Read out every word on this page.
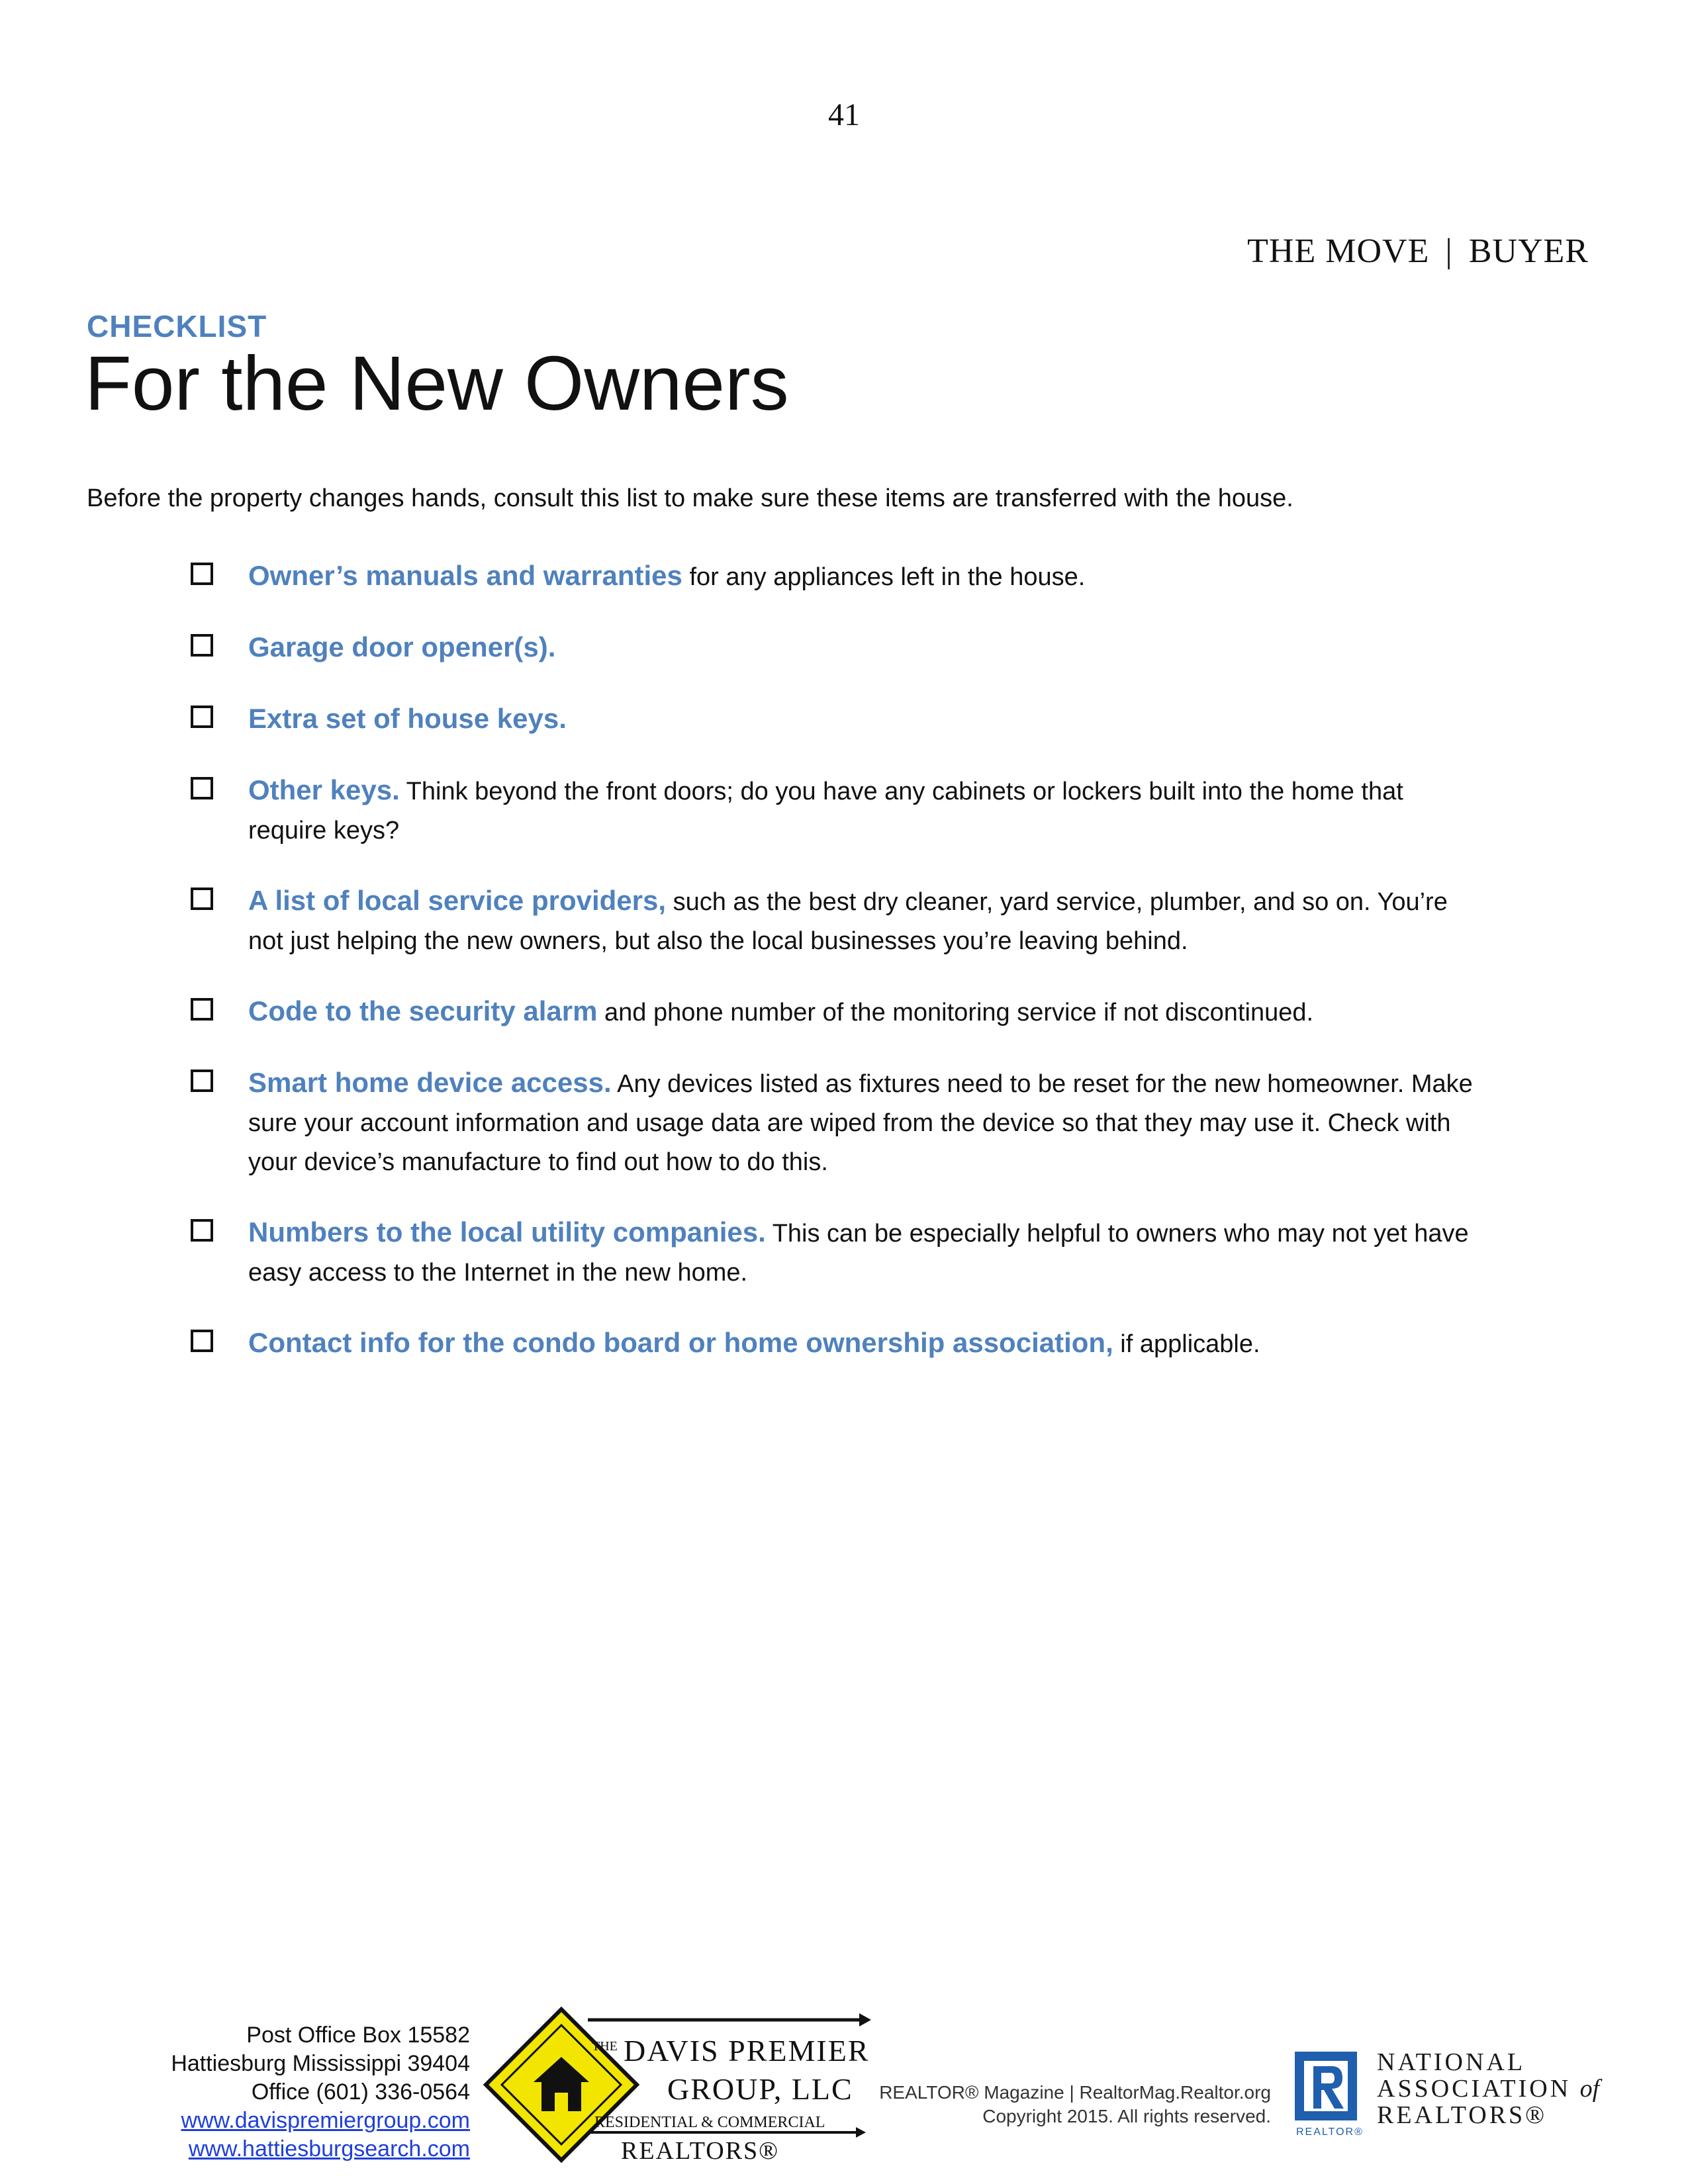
41
THE MOVE | BUYER
CHECKLIST
For the New Owners

Before the property changes hands, consult this list to make sure these items are transferred with the house.

Owner’s manuals and warranties for any appliances left in the house.
Garage door opener(s).
Extra set of house keys.
Other keys. Think beyond the front doors; do you have any cabinets or lockers built into the home that require keys?
A list of local service providers, such as the best dry cleaner, yard service, plumber, and so on. You’re not just helping the new owners, but also the local businesses you’re leaving behind.
Code to the security alarm and phone number of the monitoring service if not discontinued.
Smart home device access. Any devices listed as fixtures need to be reset for the new homeowner. Make sure your account information and usage data are wiped from the device so that they may use it. Check with your device’s manufacture to find out how to do this.
Numbers to the local utility companies. This can be especially helpful to owners who may not yet have easy access to the Internet in the new home.
Contact info for the condo board or home ownership association, if applicable.
Post Office Box 15582
Hattiesburg Mississippi 39404
Office (601) 336-0564
www.davispremiergroup.com
www.hattiesburgsearch.com
THE DAVIS PREMIER
GROUP, LLC
RESIDENTIAL & COMMERCIAL
REALTORS®
REALTOR® Magazine | RealtorMag.Realtor.org
Copyright 2015. All rights reserved.
REALTOR®
NATIONAL
ASSOCIATION of
REALTORS®
